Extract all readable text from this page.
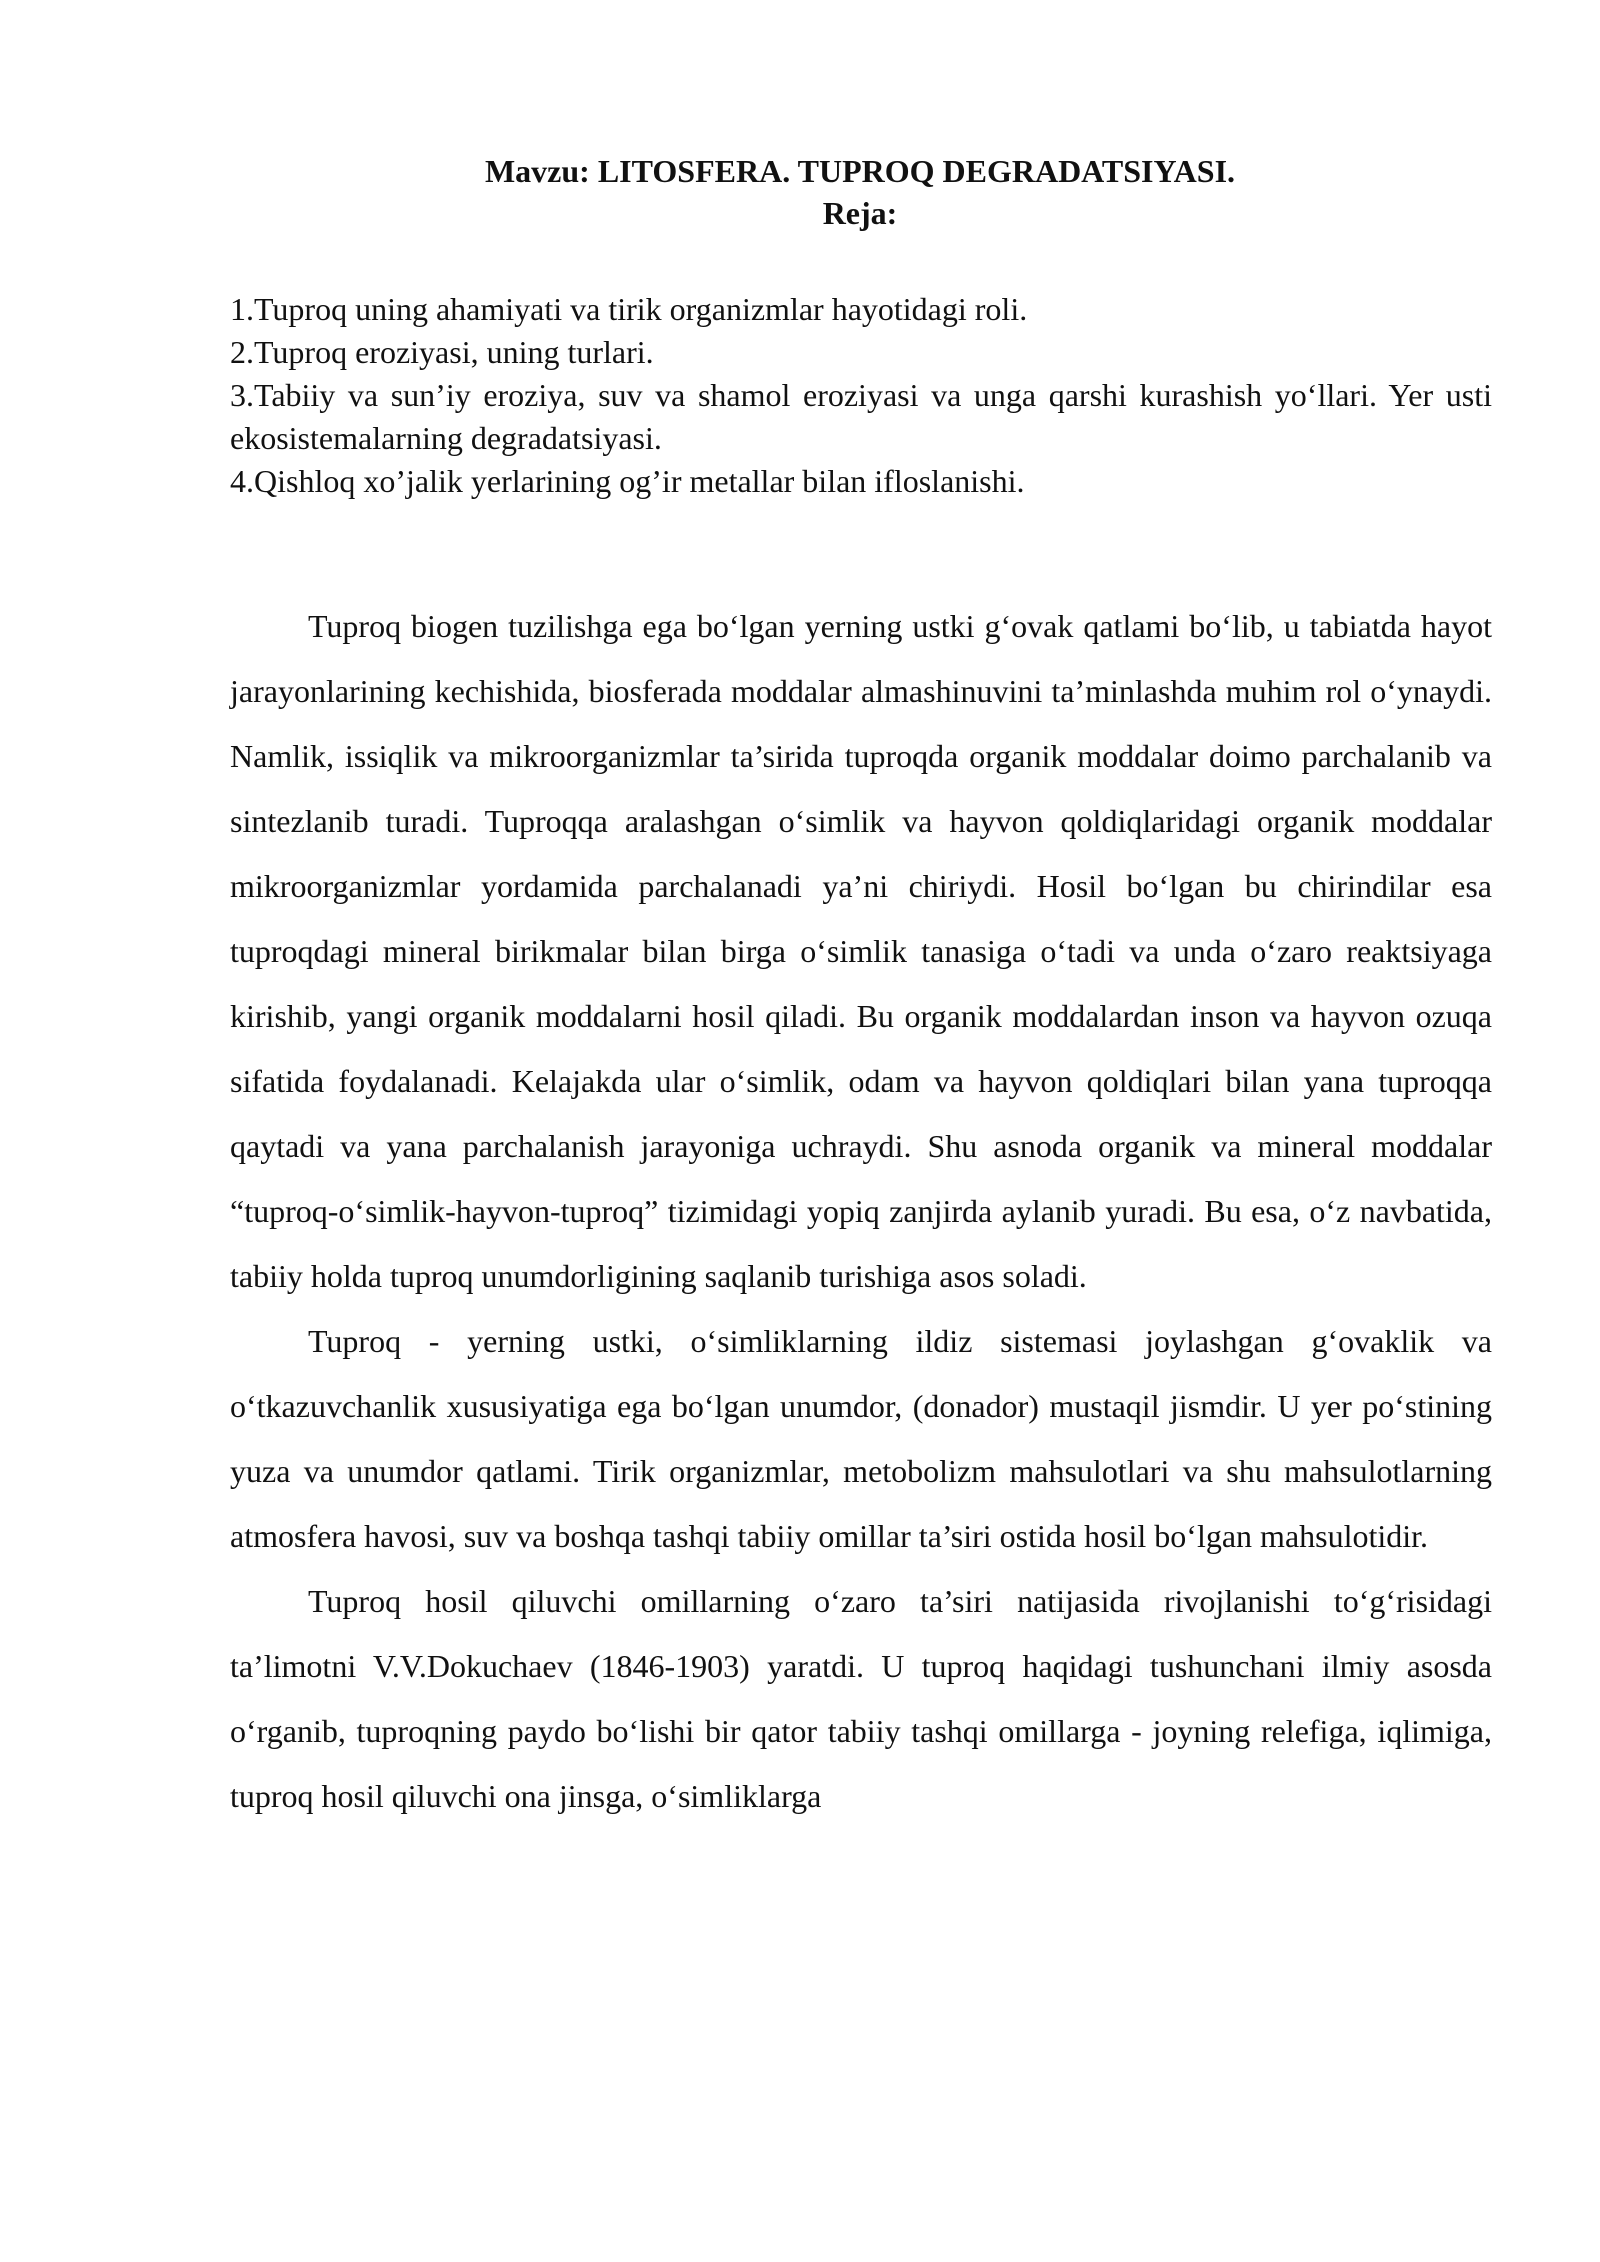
Mavzu: LITOSFERA. TUPROQ DEGRADATSIYASI.
Reja:
1.Tuproq uning ahamiyati va tirik organizmlar hayotidagi roli.
2.Tuproq eroziyasi, uning turlari.
3.Tabiiy va sun’iy eroziya, suv va shamol eroziyasi va unga qarshi kurashish yo‘llari. Yer usti ekosistemalarning degradatsiyasi.
4.Qishloq xo’jalik yerlarining og’ir metallar bilan ifloslanishi.

Tuproq biogen tuzilishga ega bo‘lgan yerning ustki g‘ovak qatlami bo‘lib, u tabiatda hayot jarayonlarining kechishida, biosferada moddalar almashinuvini ta’minlashda muhim rol o‘ynaydi. Namlik, issiqlik va mikroorganizmlar ta’sirida tuproqda organik moddalar doimo parchalanib va sintezlanib turadi. Tuproqqa aralashgan o‘simlik va hayvon qoldiqlaridagi organik moddalar mikroorganizmlar yordamida parchalanadi ya’ni chiriydi. Hosil bo‘lgan bu chirindilar esa tuproqdagi mineral birikmalar bilan birga o‘simlik tanasiga o‘tadi va unda o‘zaro reaktsiyaga kirishib, yangi organik moddalarni hosil qiladi. Bu organik moddalardan inson va hayvon ozuqa sifatida foydalanadi. Kelajakda ular o‘simlik, odam va hayvon qoldiqlari bilan yana tuproqqa qaytadi va yana parchalanish jarayoniga uchraydi. Shu asnoda organik va mineral moddalar “tuproq-o‘simlik-hayvon-tuproq” tizimidagi yopiq zanjirda aylanib yuradi. Bu esa, o‘z navbatida, tabiiy holda tuproq unumdorligining saqlanib turishiga asos soladi.

Tuproq - yerning ustki, o‘simliklarning ildiz sistemasi joylashgan g‘ovaklik va o‘tkazuvchanlik xususiyatiga ega bo‘lgan unumdor, (donador) mustaqil jismdir. U yer po‘stining yuza va unumdor qatlami. Tirik organizmlar, metobolizm mahsulotlari va shu mahsulotlarning atmosfera havosi, suv va boshqa tashqi tabiiy omillar ta’siri ostida hosil bo‘lgan mahsulotidir.

Tuproq hosil qiluvchi omillarning o‘zaro ta’siri natijasida rivojlanishi to‘g‘risidagi ta’limotni V.V.Dokuchaev (1846-1903) yaratdi. U tuproq haqidagi tushunchani ilmiy asosda o‘rganib, tuproqning paydo bo‘lishi bir qator tabiiy tashqi omillarga - joyning relefiga, iqlimiga, tuproq hosil qiluvchi ona jinsga, o‘simliklarga
